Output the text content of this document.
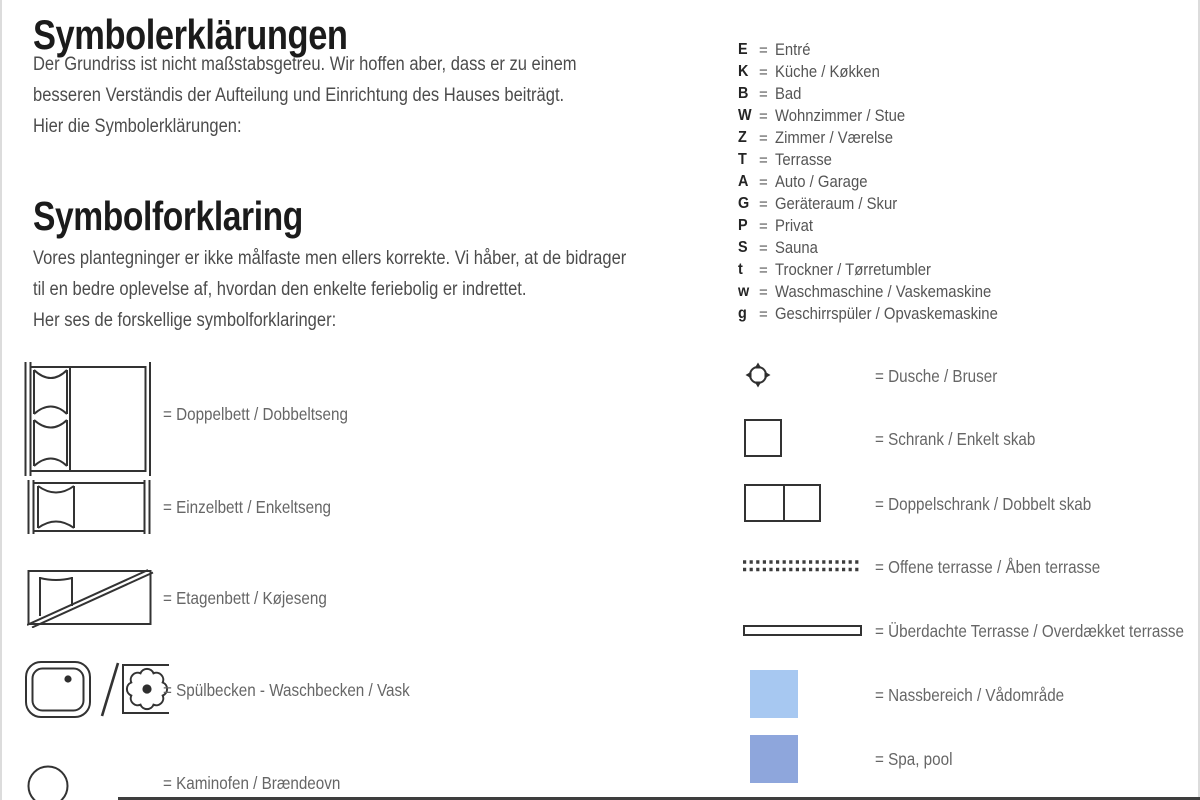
Symbolerklärungen
Der Grundriss ist nicht maßstabsgetreu. Wir hoffen aber, dass er zu einem
besseren Verständis der Aufteilung und Einrichtung des Hauses beiträgt.
Hier die Symbolerklärungen:
Symbolforklaring
Vores plantegninger er ikke målfaste men ellers korrekte. Vi håber, at de bidrager
til en bedre oplevelse af, hvordan den enkelte feriebolig er indrettet.
Her ses de forskellige symbolforklaringer:
E = Entré
K = Küche / Køkken
B = Bad
W = Wohnzimmer / Stue
Z = Zimmer / Værelse
T = Terrasse
A = Auto / Garage
G = Geräteraum / Skur
P = Privat
S = Sauna
t	= Trockner / Tørretumbler
w = Waschmaschine / Vaskemaskine
g = Geschirrspüler / Opvaskemaskine
= Doppelbett / Dobbeltseng
= Einzelbett / Enkeltseng
= Etagenbett / Køjeseng
= Spülbecken - Waschbecken / Vask
= Kaminofen / Brændeovn
= Dusche / Bruser
= Schrank / Enkelt skab
= Doppelschrank / Dobbelt skab
= Offene terrasse / Åben terrasse
= Überdachte Terrasse / Overdækket terrasse
= Nassbereich / Vådområde
= Spa, pool
